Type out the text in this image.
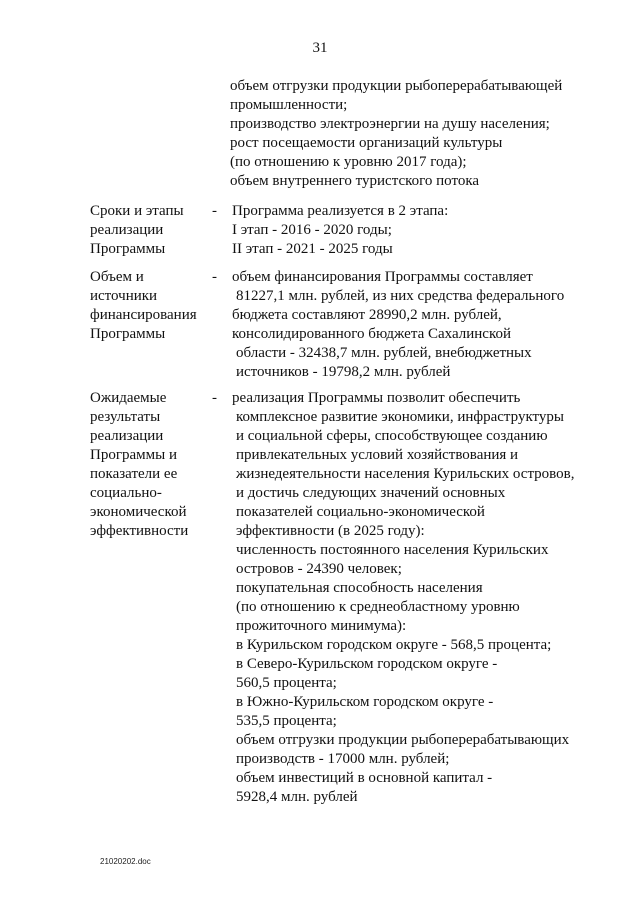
31
объем отгрузки продукции рыбоперерабатывающей
промышленности;
производство электроэнергии на душу населения;
рост посещаемости организаций культуры
(по отношению к уровню 2017 года);
объем внутреннего туристского потока
Сроки и этапы
реализации
Программы
- Программа реализуется в 2 этапа:
I этап - 2016 - 2020 годы;
II этап - 2021 - 2025 годы
Объем и
источники
финансирования
Программы
- объем финансирования Программы составляет
81227,1 млн. рублей, из них средства федерального
бюджета составляют 28990,2 млн. рублей,
консолидированного бюджета Сахалинской
области - 32438,7 млн. рублей, внебюджетных
источников - 19798,2 млн. рублей
Ожидаемые
результаты
реализации
Программы и
показатели ее
социально-
экономической
эффективности
- реализация Программы позволит обеспечить
комплексное развитие экономики, инфраструктуры
и социальной сферы, способствующее созданию
привлекательных условий хозяйствования и
жизнедеятельности населения Курильских островов,
и достичь следующих значений основных
показателей социально-экономической
эффективности (в 2025 году):
численность постоянного населения Курильских
островов - 24390 человек;
покупательная способность населения
(по отношению к среднеобластному уровню
прожиточного минимума):
в Курильском городском округе - 568,5 процента;
в Северо-Курильском городском округе -
560,5 процента;
в Южно-Курильском городском округе -
535,5 процента;
объем отгрузки продукции рыбоперерабатывающих
производств - 17000 млн. рублей;
объем инвестиций в основной капитал -
5928,4 млн. рублей
21020202.doc
